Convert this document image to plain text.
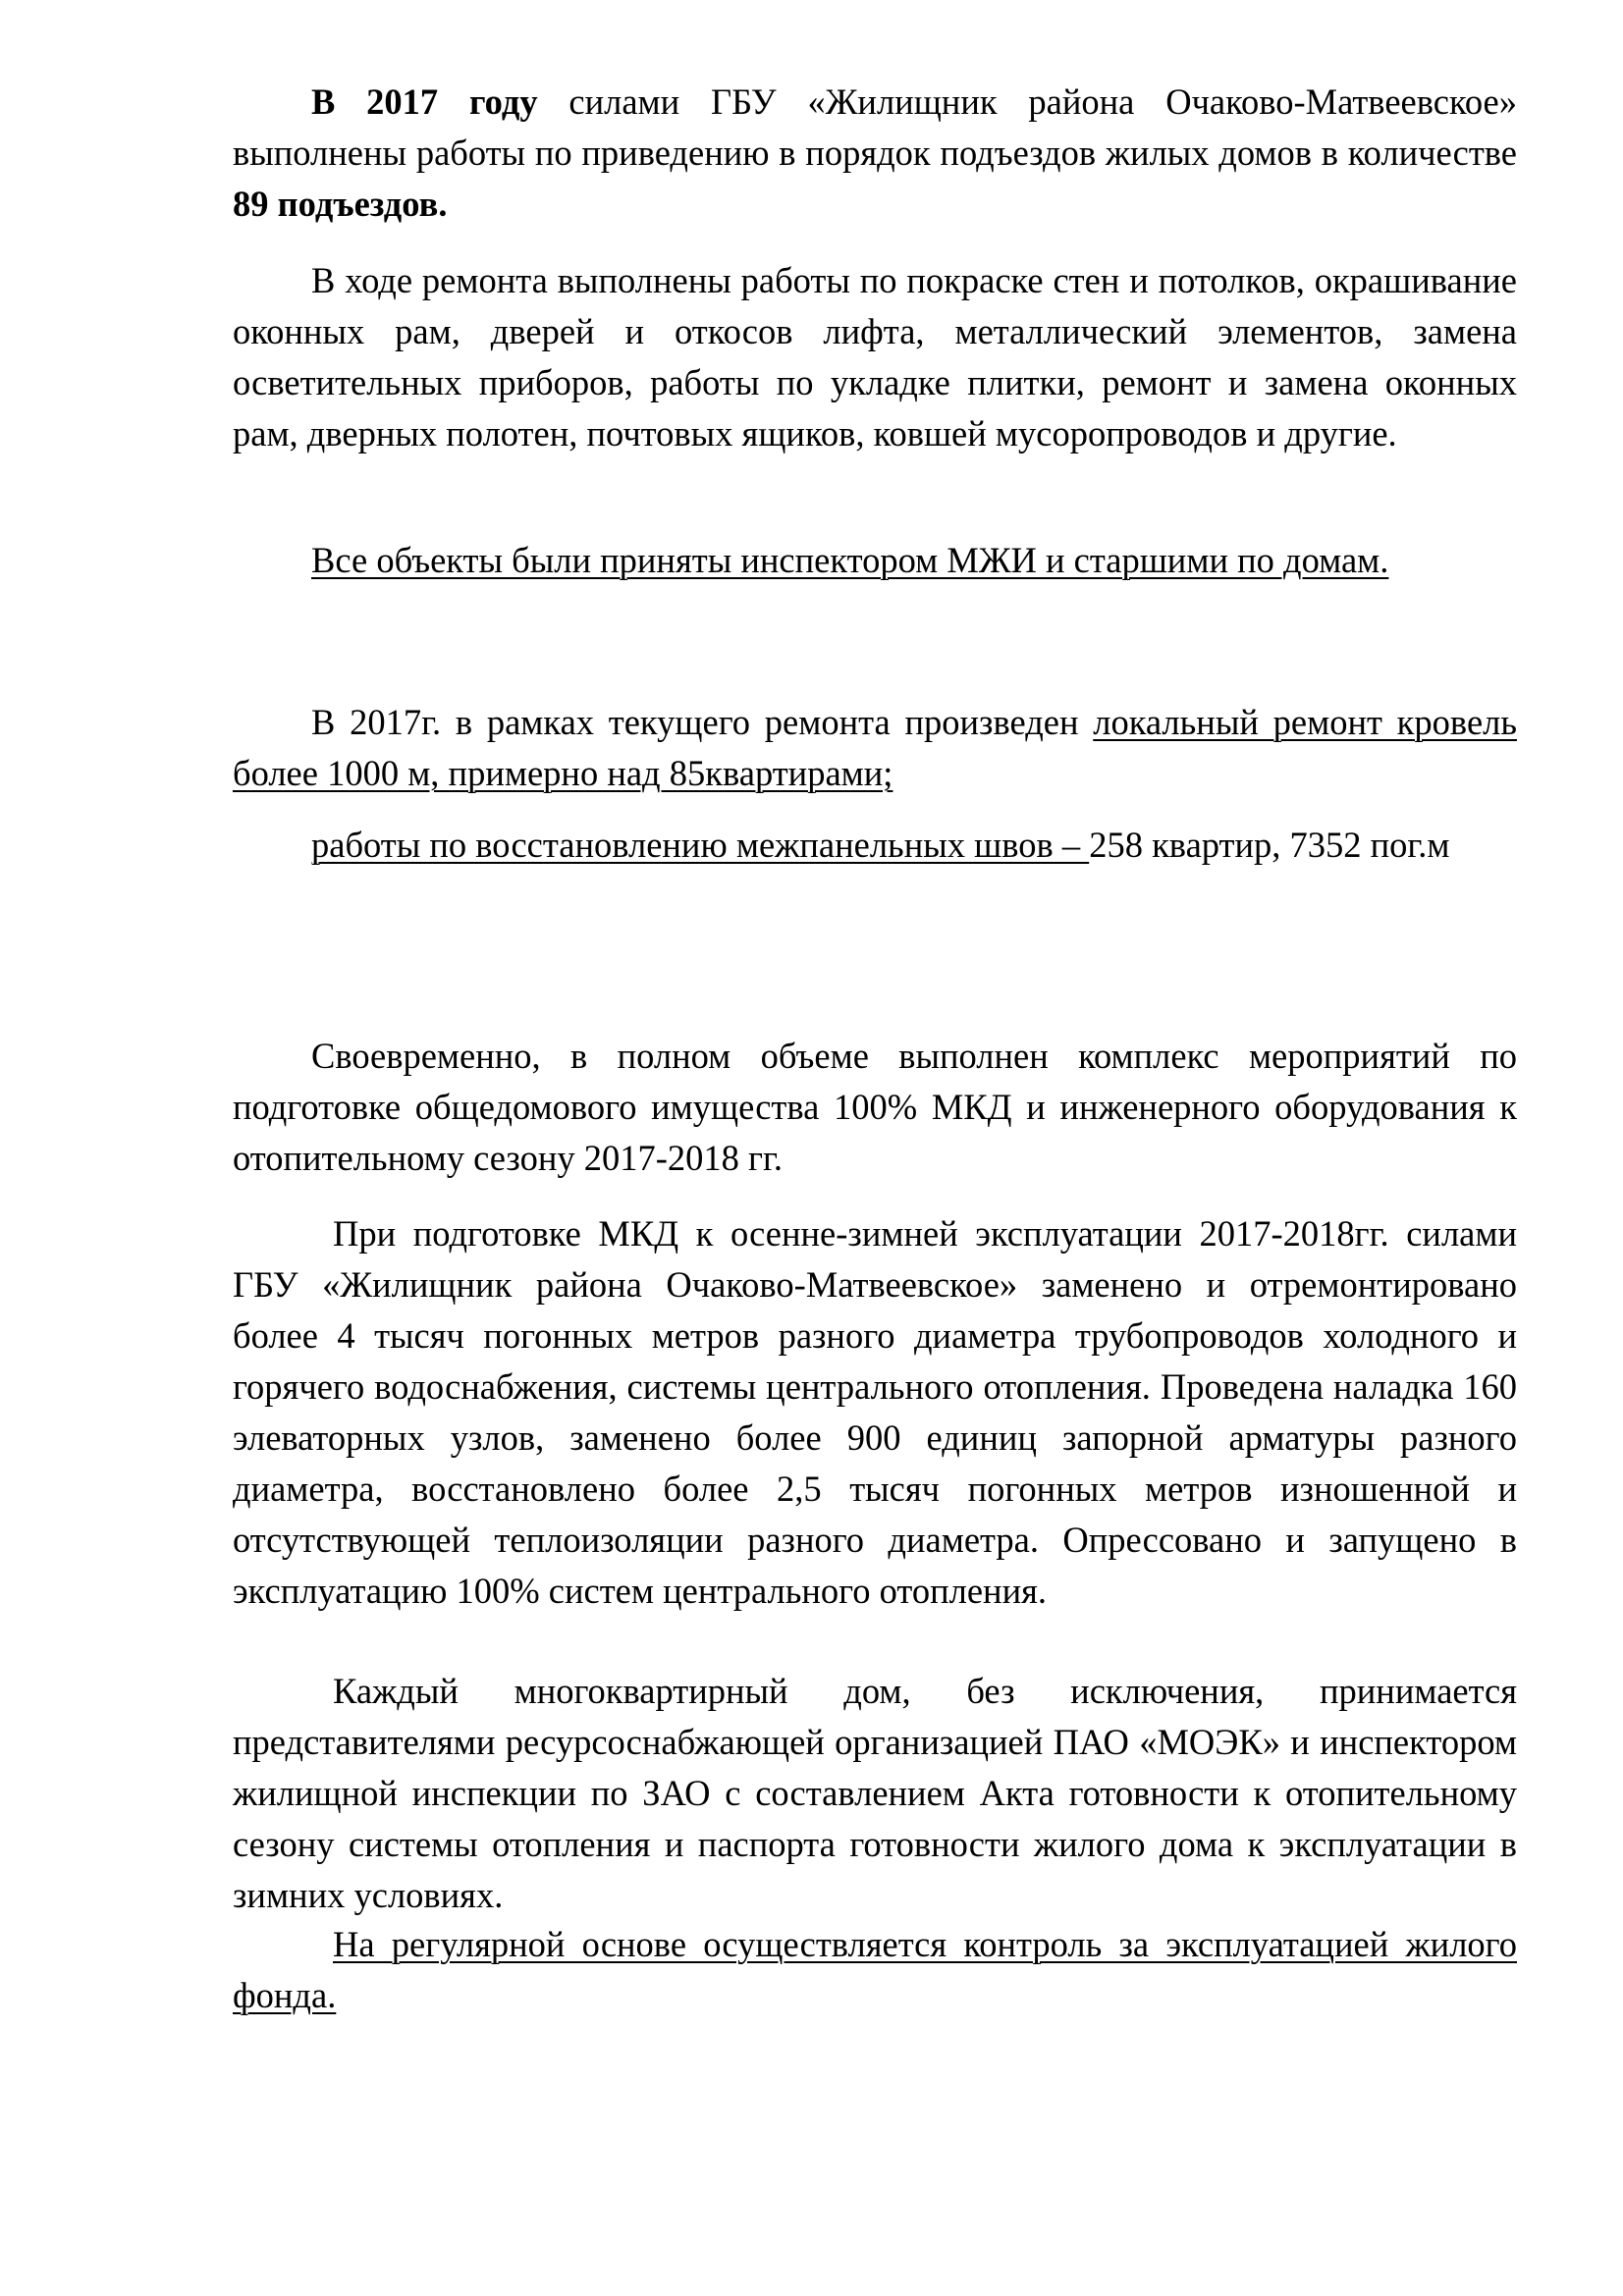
В 2017 году силами ГБУ «Жилищник района Очаково-Матвеевское» выполнены работы по приведению в порядок подъездов жилых домов в количестве 89 подъездов.

В ходе ремонта выполнены работы по покраске стен и потолков, окрашивание оконных рам, дверей и откосов лифта, металлический элементов, замена осветительных приборов, работы по укладке плитки, ремонт и замена оконных рам, дверных полотен, почтовых ящиков, ковшей мусоропроводов и другие.

Все объекты были приняты инспектором МЖИ и старшими по домам.

В 2017г. в рамках текущего ремонта произведен локальный ремонт кровель более 1000 м, примерно над 85квартирами;

работы по восстановлению межпанельных швов – 258 квартир, 7352 пог.м

Своевременно, в полном объеме выполнен комплекс мероприятий по подготовке общедомового имущества 100% МКД и инженерного оборудования к отопительному сезону 2017-2018 гг.

При подготовке МКД к осенне-зимней эксплуатации 2017-2018гг. силами ГБУ «Жилищник района Очаково-Матвеевское» заменено и отремонтировано более 4 тысяч погонных метров разного диаметра трубопроводов холодного и горячего водоснабжения, системы центрального отопления. Проведена наладка 160 элеваторных узлов, заменено более 900 единиц запорной арматуры разного диаметра, восстановлено более 2,5 тысяч погонных метров изношенной и отсутствующей теплоизоляции разного диаметра. Опрессовано и запущено в эксплуатацию 100% систем центрального отопления.

Каждый многоквартирный дом, без исключения, принимается представителями ресурсоснабжающей организацией ПАО «МОЭК» и инспектором жилищной инспекции по ЗАО с составлением Акта готовности к отопительному сезону системы отопления и паспорта готовности жилого дома к эксплуатации в зимних условиях.

На регулярной основе осуществляется контроль за эксплуатацией жилого фонда.
